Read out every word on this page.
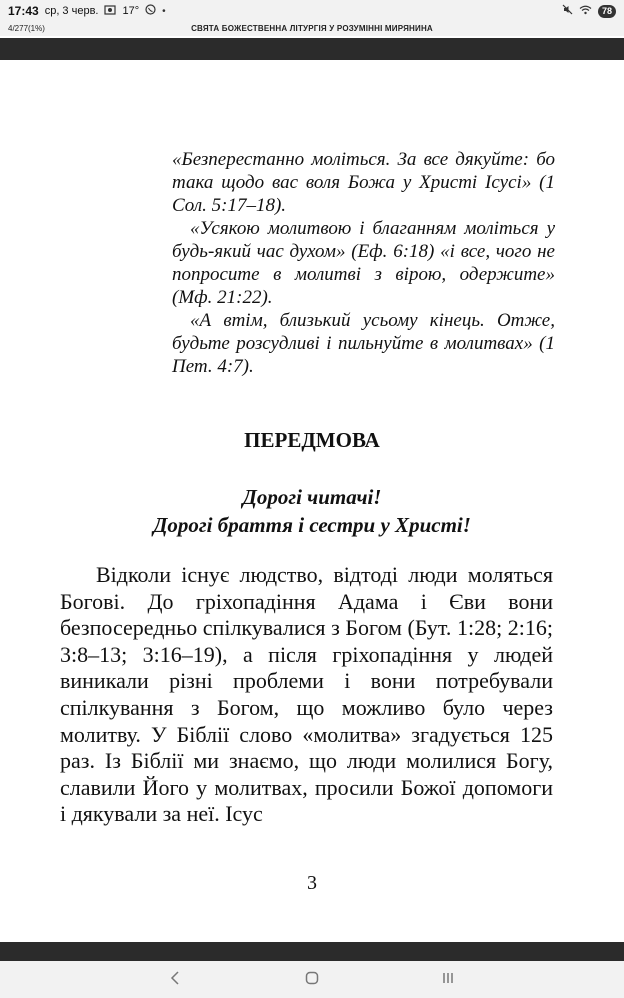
17:43 ср, 3 черв. 17° •	78
4/277(1%)	СВЯТА БОЖЕСТВЕННА ЛІТУРГІЯ У РОЗУМІННІ МИРЯНИНА

«Безперестанно моліться. За все дякуйте: бо така щодо вас воля Божа у Христі Ісусі» (1 Сол. 5:17–18).

«Усякою молитвою і благанням моліться у будь-який час духом» (Еф. 6:18) «і все, чого не попросите в молитві з вірою, одержите» (Мф. 21:22).

«А втім, близький усьому кінець. Отже, будьте розсудливі і пильнуйте в молитвах» (1 Пет. 4:7).

ПЕРЕДМОВА
Дорогі читачі!
Дорогі браття і сестри у Христі!

Відколи існує людство, відтоді люди моляться Богові. До гріхопадіння Адама і Єви вони безпосередньо спілкувалися з Богом (Бут. 1:28; 2:16; 3:8–13; 3:16–19), а після гріхопадіння у людей виникали різні проблеми і вони потребували спілкування з Богом, що можливо було через молитву. У Біблії слово «молитва» згадується 125 раз. Із Біблії ми знаємо, що люди молилися Богу, славили Його у молитвах, просили Божої допомоги і дякували за неї. Ісус

3
